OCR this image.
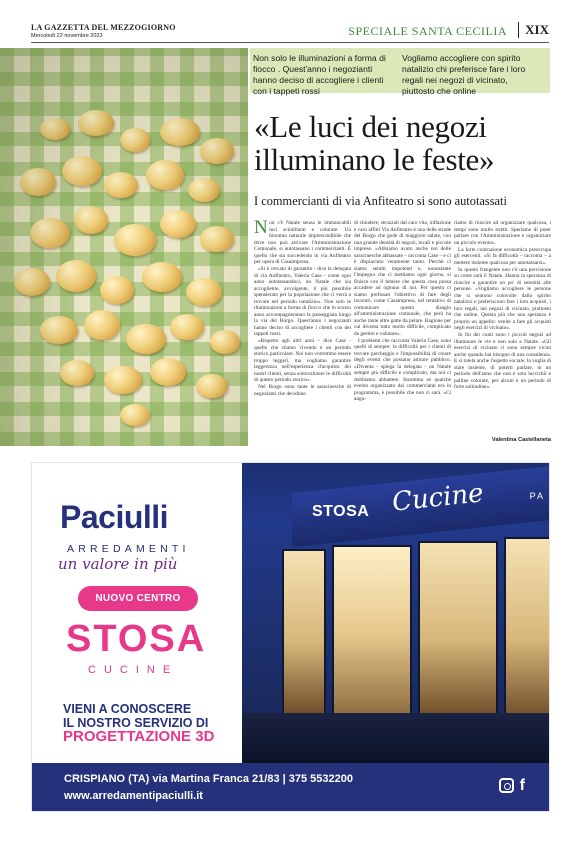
LA GAZZETTA DEL MEZZOGIORNO
Mercoledì 22 novembre 2023	SPECIALE SANTA CECILIA	XIX
Non solo le illuminazioni a forma di fiocco . Quest'anno i negozianti hanno deciso di accogliere i clienti con i tappeti rossi
Vogliamo accogliere con spirito natalizio chi preferisce fare i loro regali nei negozi di vicinato, piuttosto che online
«Le luci dei negozi illuminano le feste»
I commercianti di via Anfiteatro si sono autotassati

Non c'è Natale senza le immancabili luci scintillanti e colorate. Un binomio naturale imprescindibile che dove non può arrivare l'Amministrazione Comunale, si autotassano i commercianti. È quello che sta succedendo in via Anfiteatro per opera di Casaimpresa.

«Si è cercato di garantire - dice la delegata di via Anfiteatro, Valeria Case - come ogni anno autotassandoci, un Natale che sia accogliente, avvolgente, il più possibile spensierato per la popolazione che ci verrà a trovare nel periodo natalizio». Non solo le illuminazioni a forma di fiocco che lo scorso anno accompagneranno la passeggiata lungo la via del Borgo. Quest'anno i negozianti hanno deciso di accogliere i clienti con dei tappeti rossi.

«Rispetto agli altri anni – dice Case - quello che stiamo vivendo è un periodo storico particolare. Noi non vorremmo essere troppo leggeri, ma vogliamo garantire leggerezza nell'esperienza d'acquisto dei nostri clienti, senza sottovalutare le difficoltà di questo periodo storico».

Nel Borgo sono tante le saracinesche di negozianti che decidono

di chiudere, strozzati dal caro vita, inflazione e caro affitti Via Anfiteatro è una delle strade del Borgo che gode di maggiore salute, con una grande densità di negozi, locali e piccole imprese. «Abbiamo avuto anche noi delle saracinesche abbassate – racconta Case – e ci è dispiaciuto veramente tanto. Perché ci siamo sentiti impotenti e, nonostante l'impegno che ci mettiamo ogni giorno, si finisce con il temere che questa cosa possa accadere ad ognuno di noi. Per questo ci siamo prefissati l'obiettivo di fare degli incontri, come Casaimpresa, nel tentativo di comunicare questo disagio all'amministrazione comunale, che però ha anche tante altre gatte da pelare. Ragione per cui diventa tutto molto difficile, complicato da gestire e valutare».

I problemi che racconta Valeria Case, sono quelli di sempre: la difficoltà per i clienti di trovare parcheggio e l'impossibilità di creare degli eventi che possano attirare pubblico. «Diventa - spiega la delegata - un Natale sempre più difficile e complicato, ma noi ci dobbiamo abbattere. Insomma se qualche evento organizzato dai commercianti era in programma, è possibile che non ci sarà. «Ci augu-

riamo di riuscire ad organizzare qualcosa, i tempi sono molto stretti. Speriamo di poter parlare con l'Amministrazione e organizzare un piccolo evento».

La forte contrazione economica preoccupa gli esercenti. «Si fa difficoltà – racconta – a mettere insieme qualcosa per autotassarsi».

In questo frangente non c'è una previsione su come sarà il Natale. Hanno la speranza di riuscire a garantire un po' di serenità alle persone. «Vogliamo accogliere le persone che si sentono coinvolte dallo spirito natalizio e preferiscono fare i loro acquisti, i loro regali, nei negozi di vicinato, piuttosto che online. Questa più che una speranza è proprio un appello: venite a fare gli acquisti negli esercizi di vicinato».

In fin dei conti sono i piccoli negozi ad illuminare le vie e non solo a Natale. «Gli esercizi di vicinato ci sono sempre vicini anche quando hai bisogno di una consulenza. E si tutela anche l'aspetto sociale, la voglia di stare insieme, di poterti parlare, in un periodo dell'anno che non è solo luccichii e palline colorate, per alcuni è un periodo di forte solitudine».

Valentina Castellaneta
Paciulli
ARREDAMENTI
un valore in più
NUOVO CENTRO
STOSA
CUCINE
VIENI A CONOSCERE
IL NOSTRO SERVIZIO DI
PROGETTAZIONE 3D
Cucine
STOSA
PA
CRISPIANO (TA) via Martina Franca 21/83 | 375 5532200
www.arredamentipaciulli.it
f
